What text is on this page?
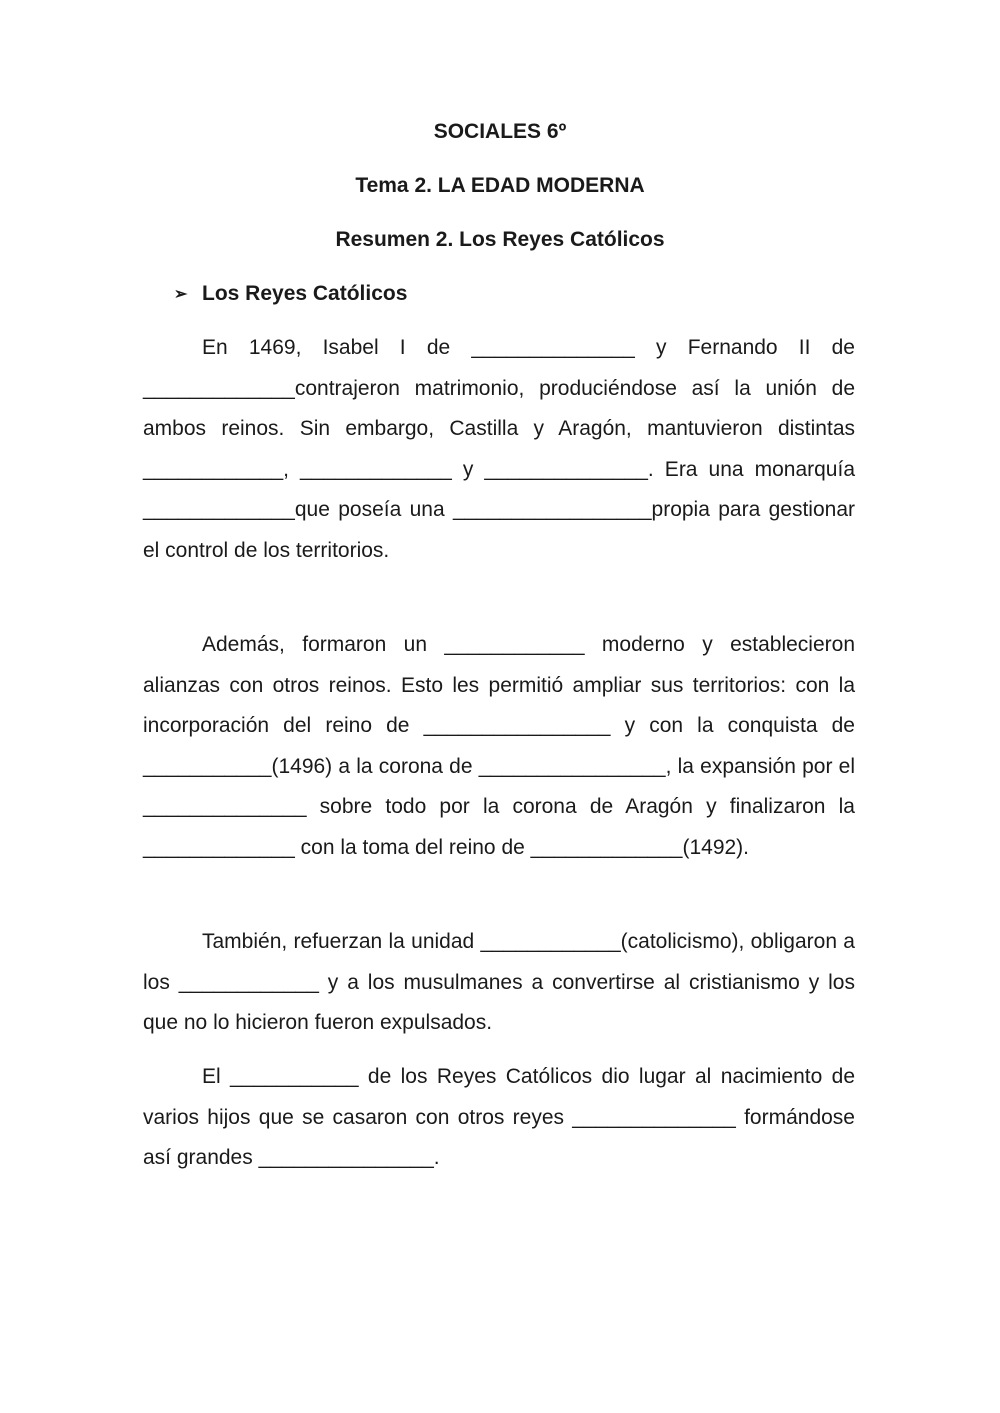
SOCIALES 6º
Tema 2. LA EDAD MODERNA
Resumen 2. Los Reyes Católicos
➢ Los Reyes Católicos

En 1469, Isabel I de ______________ y Fernando II de _____________contrajeron matrimonio, produciéndose así la unión de ambos reinos. Sin embargo, Castilla y Aragón, mantuvieron distintas ____________, _____________ y ______________. Era una monarquía _____________que poseía una _________________propia para gestionar el control de los territorios.

Además, formaron un ____________ moderno y establecieron alianzas con otros reinos. Esto les permitió ampliar sus territorios: con la incorporación del reino de ________________ y con la conquista de ___________(1496) a la corona de ________________, la expansión por el ______________ sobre todo por la corona de Aragón y finalizaron la _____________ con la toma del reino de _____________(1492).

También, refuerzan la unidad ____________(catolicismo), obligaron a los ____________ y a los musulmanes a convertirse al cristianismo y los que no lo hicieron fueron expulsados.

El ___________ de los Reyes Católicos dio lugar al nacimiento de varios hijos que se casaron con otros reyes ______________ formándose así grandes _______________.
